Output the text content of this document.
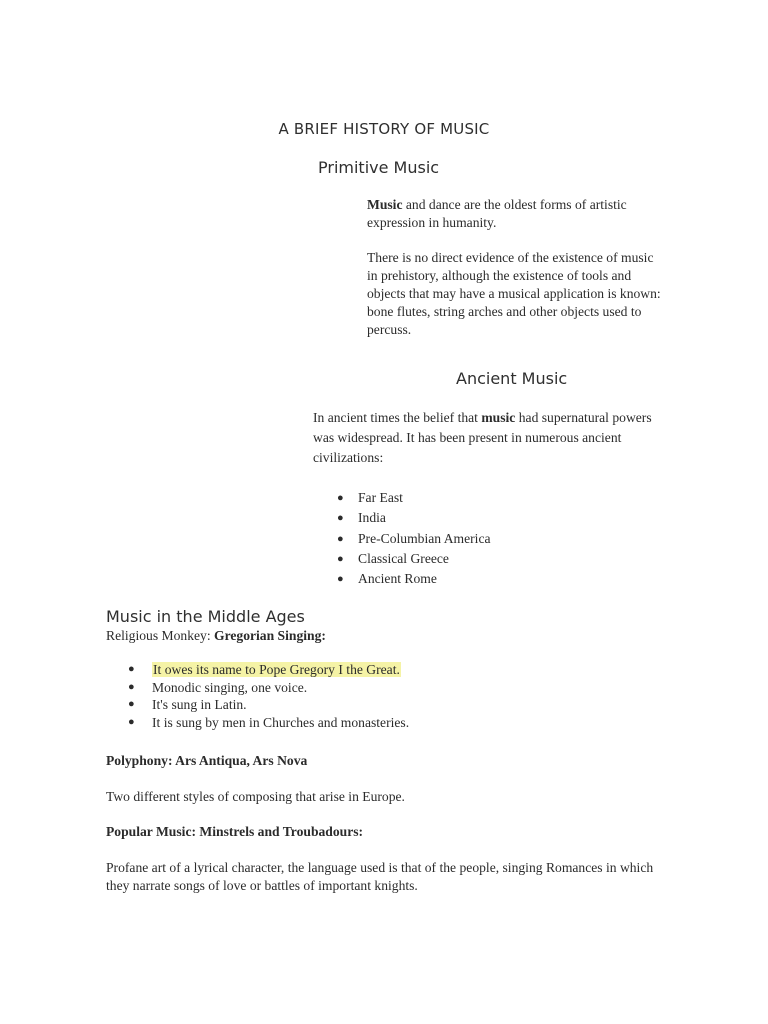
A BRIEF HISTORY OF MUSIC
Primitive Music
Music and dance are the oldest forms of artistic expression in humanity.
There is no direct evidence of the existence of music in prehistory, although the existence of tools and objects that may have a musical application is known: bone flutes, string arches and other objects used to percuss.
Ancient Music
In ancient times the belief that music had supernatural powers was widespread. It has been present in numerous ancient civilizations:
● Far East
● India
● Pre-Columbian America
● Classical Greece
● Ancient Rome
Music in the Middle Ages
Religious Monkey: Gregorian Singing:
● It owes its name to Pope Gregory I the Great.
● Monodic singing, one voice.
● It's sung in Latin.
● It is sung by men in Churches and monasteries.
Polyphony: Ars Antiqua, Ars Nova
Two different styles of composing that arise in Europe.
Popular Music: Minstrels and Troubadours:
Profane art of a lyrical character, the language used is that of the people, singing Romances in which they narrate songs of love or battles of important knights.
